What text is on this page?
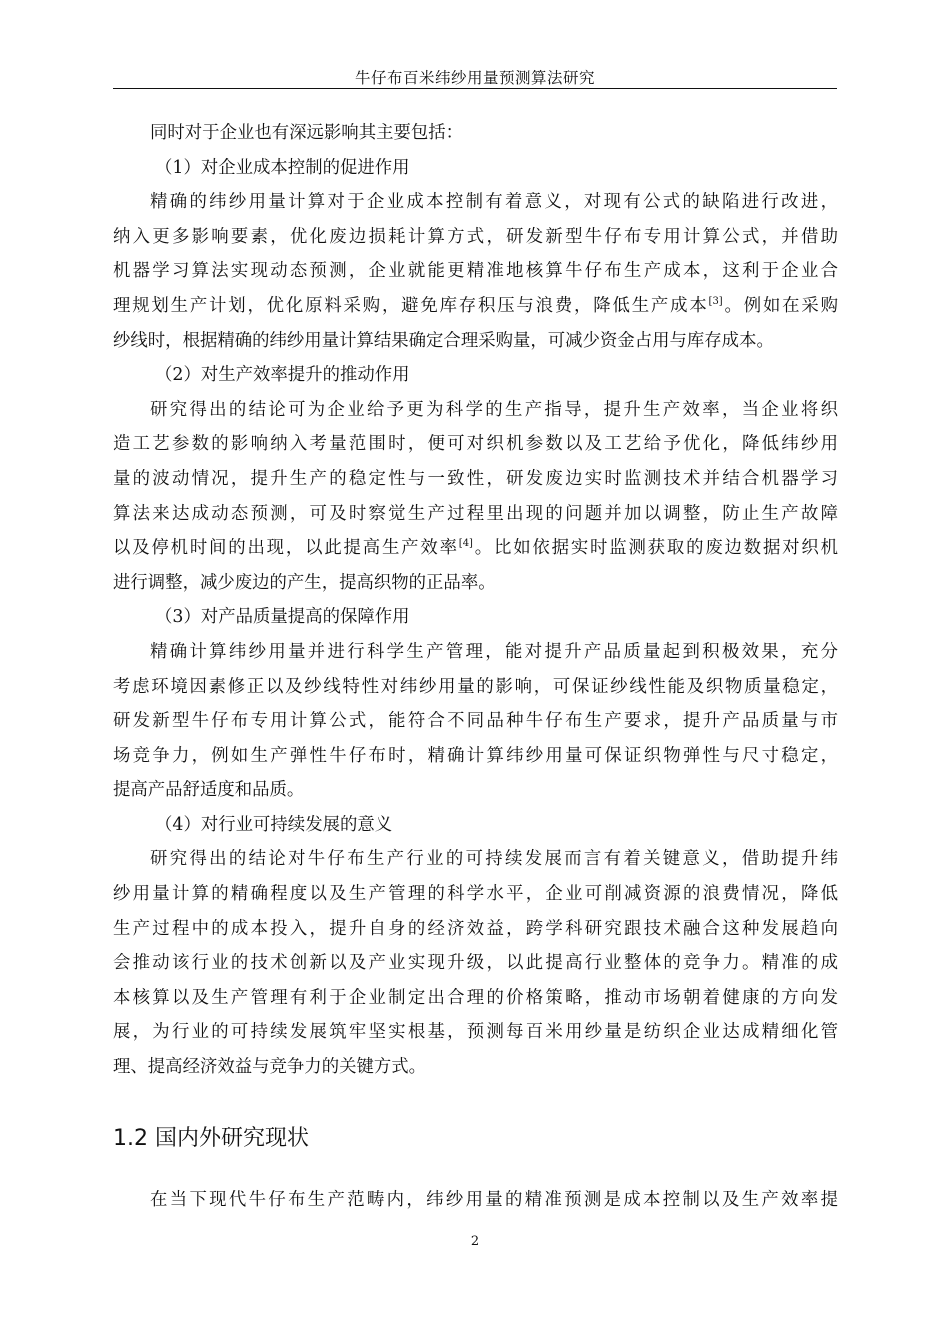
牛仔布百米纬纱用量预测算法研究
同时对于企业也有深远影响其主要包括：
（1）对企业成本控制的促进作用
精确的纬纱用量计算对于企业成本控制有着意义，对现有公式的缺陷进行改进，
纳入更多影响要素，优化废边损耗计算方式，研发新型牛仔布专用计算公式，并借助
机器学习算法实现动态预测，企业就能更精准地核算牛仔布生产成本，这利于企业合
理规划生产计划，优化原料采购，避免库存积压与浪费，降低生产成本[3]。例如在采购
纱线时，根据精确的纬纱用量计算结果确定合理采购量，可减少资金占用与库存成本。
（2）对生产效率提升的推动作用
研究得出的结论可为企业给予更为科学的生产指导，提升生产效率，当企业将织
造工艺参数的影响纳入考量范围时，便可对织机参数以及工艺给予优化，降低纬纱用
量的波动情况，提升生产的稳定性与一致性，研发废边实时监测技术并结合机器学习
算法来达成动态预测，可及时察觉生产过程里出现的问题并加以调整，防止生产故障
以及停机时间的出现，以此提高生产效率[4]。比如依据实时监测获取的废边数据对织机
进行调整，减少废边的产生，提高织物的正品率。
（3）对产品质量提高的保障作用
精确计算纬纱用量并进行科学生产管理，能对提升产品质量起到积极效果，充分
考虑环境因素修正以及纱线特性对纬纱用量的影响，可保证纱线性能及织物质量稳定，
研发新型牛仔布专用计算公式，能符合不同品种牛仔布生产要求，提升产品质量与市
场竞争力，例如生产弹性牛仔布时，精确计算纬纱用量可保证织物弹性与尺寸稳定，
提高产品舒适度和品质。
（4）对行业可持续发展的意义
研究得出的结论对牛仔布生产行业的可持续发展而言有着关键意义，借助提升纬
纱用量计算的精确程度以及生产管理的科学水平，企业可削减资源的浪费情况，降低
生产过程中的成本投入，提升自身的经济效益，跨学科研究跟技术融合这种发展趋向
会推动该行业的技术创新以及产业实现升级，以此提高行业整体的竞争力。精准的成
本核算以及生产管理有利于企业制定出合理的价格策略，推动市场朝着健康的方向发
展，为行业的可持续发展筑牢坚实根基，预测每百米用纱量是纺织企业达成精细化管
理、提高经济效益与竞争力的关键方式。
1.2 国内外研究现状
在当下现代牛仔布生产范畴内，纬纱用量的精准预测是成本控制以及生产效率提
2
